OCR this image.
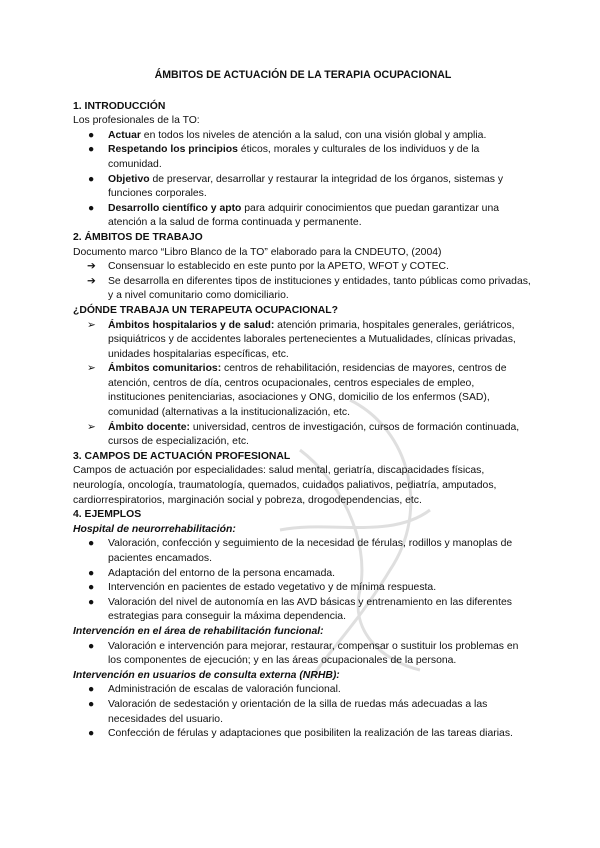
ÁMBITOS DE ACTUACIÓN DE LA TERAPIA OCUPACIONAL
1. INTRODUCCIÓN

Los profesionales de la TO:

● Actuar en todos los niveles de atención a la salud, con una visión global y amplia.
● Respetando los principios éticos, morales y culturales de los individuos y de la comunidad.
● Objetivo de preservar, desarrollar y restaurar la integridad de los órganos, sistemas y funciones corporales.
● Desarrollo científico y apto para adquirir conocimientos que puedan garantizar una atención a la salud de forma continuada y permanente.
2. ÁMBITOS DE TRABAJO

Documento marco “Libro Blanco de la TO” elaborado para la CNDEUTO, (2004)

➔ Consensuar lo establecido en este punto por la APETO, WFOT y COTEC.
➔ Se desarrolla en diferentes tipos de instituciones y entidades, tanto públicas como privadas, y a nivel comunitario como domiciliario.
¿DÓNDE TRABAJA UN TERAPEUTA OCUPACIONAL?
➢ Ámbitos hospitalarios y de salud: atención primaria, hospitales generales, geriátricos, psiquiátricos y de accidentes laborales pertenecientes a Mutualidades, clínicas privadas, unidades hospitalarias específicas, etc.
➢ Ámbitos comunitarios: centros de rehabilitación, residencias de mayores, centros de atención, centros de día, centros ocupacionales, centros especiales de empleo, instituciones penitenciarias, asociaciones y ONG, domicilio de los enfermos (SAD), comunidad (alternativas a la institucionalización, etc.
➢ Ámbito docente: universidad, centros de investigación, cursos de formación continuada, cursos de especialización, etc.
3. CAMPOS DE ACTUACIÓN PROFESIONAL

Campos de actuación por especialidades: salud mental, geriatría, discapacidades físicas, neurología, oncología, traumatología, quemados, cuidados paliativos, pediatría, amputados, cardiorrespiratorios, marginación social y pobreza, drogodependencias, etc.

4. EJEMPLOS
Hospital de neurorrehabilitación:
● Valoración, confección y seguimiento de la necesidad de férulas, rodillos y manoplas de pacientes encamados.
● Adaptación del entorno de la persona encamada.
● Intervención en pacientes de estado vegetativo y de mínima respuesta.
● Valoración del nivel de autonomía en las AVD básicas y entrenamiento en las diferentes estrategias para conseguir la máxima dependencia.
Intervención en el área de rehabilitación funcional:
● Valoración e intervención para mejorar, restaurar, compensar o sustituir los problemas en los componentes de ejecución; y en las áreas ocupacionales de la persona.
Intervención en usuarios de consulta externa (NRHB):
● Administración de escalas de valoración funcional.
● Valoración de sedestación y orientación de la silla de ruedas más adecuadas a las necesidades del usuario.
● Confección de férulas y adaptaciones que posibiliten la realización de las tareas diarias.
